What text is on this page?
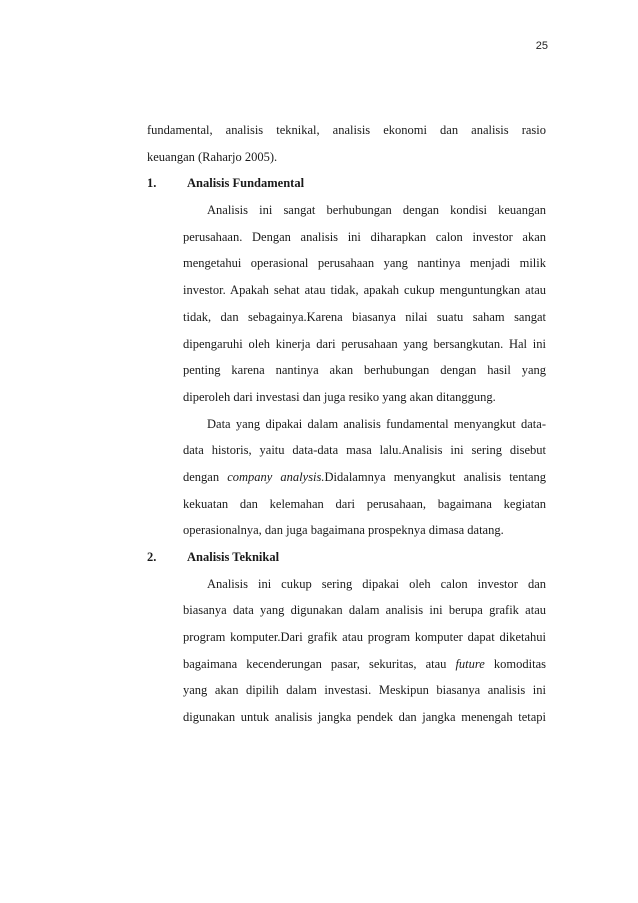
25
fundamental, analisis teknikal, analisis ekonomi dan analisis rasio
keuangan (Raharjo 2005).
1. Analisis Fundamental
Analisis ini sangat berhubungan dengan kondisi keuangan
perusahaan. Dengan analisis ini diharapkan calon investor akan
mengetahui operasional perusahaan yang nantinya menjadi milik
investor. Apakah sehat atau tidak, apakah cukup menguntungkan atau
tidak, dan sebagainya.Karena biasanya nilai suatu saham sangat
dipengaruhi oleh kinerja dari perusahaan yang bersangkutan. Hal ini
penting karena nantinya akan berhubungan dengan hasil yang
diperoleh dari investasi dan juga resiko yang akan ditanggung.
Data yang dipakai dalam analisis fundamental menyangkut data-
data historis, yaitu data-data masa lalu.Analisis ini sering disebut
dengan company analysis.Didalamnya menyangkut analisis tentang
kekuatan dan kelemahan dari perusahaan, bagaimana kegiatan
operasionalnya, dan juga bagaimana prospeknya dimasa datang.
2. Analisis Teknikal
Analisis ini cukup sering dipakai oleh calon investor dan
biasanya data yang digunakan dalam analisis ini berupa grafik atau
program komputer.Dari grafik atau program komputer dapat diketahui
bagaimana kecenderungan pasar, sekuritas, atau future komoditas
yang akan dipilih dalam investasi. Meskipun biasanya analisis ini
digunakan untuk analisis jangka pendek dan jangka menengah tetapi
